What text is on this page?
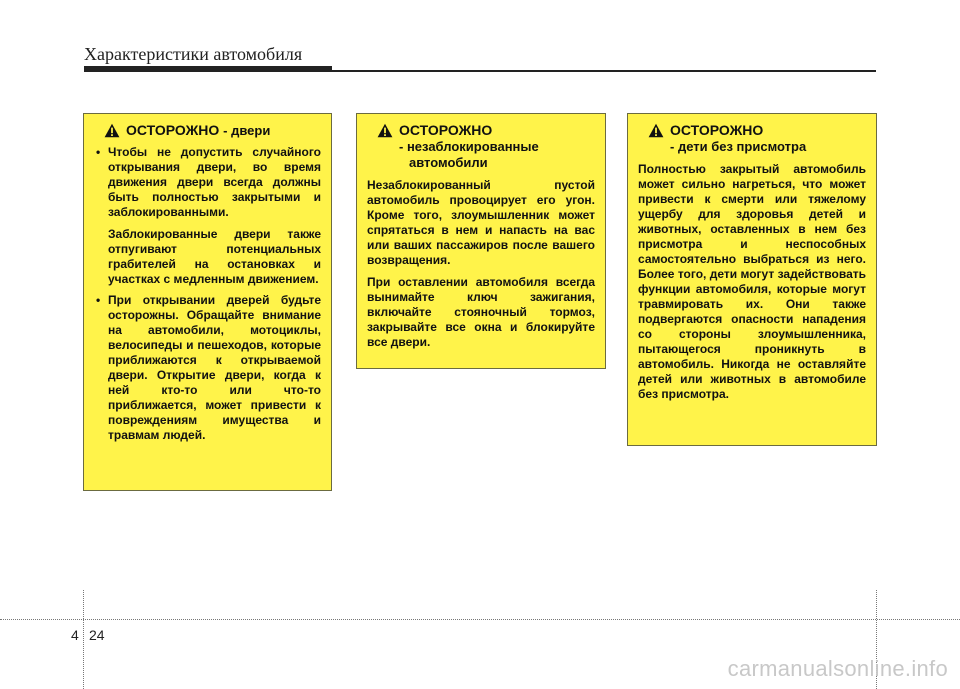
Характеристики автомобиля
ОСТОРОЖНО - двери

• Чтобы не допустить случайного открывания двери, во время движения двери всегда должны быть полностью закрытыми и заблокированными.

Заблокированные двери также отпугивают потенциальных грабителей на остановках и участках с медленным движением.

• При открывании дверей будьте осторожны. Обращайте внимание на автомобили, мотоциклы, велосипеды и пешеходов, которые приближаются к открываемой двери. Открытие двери, когда к ней кто-то или что-то приближается, может привести к повреждениям имущества и травмам людей.

ОСТОРОЖНО
- незаблокированные
автомобили
Незаблокированный пустой автомобиль провоцирует его угон. Кроме того, злоумышленник может спрятаться в нем и напасть на вас или ваших пассажиров после вашего возвращения.
При оставлении автомобиля всегда вынимайте ключ зажигания, включайте стояночный тормоз, закрывайте все окна и блокируйте все двери.
ОСТОРОЖНО
- дети без присмотра
Полностью закрытый автомобиль может сильно нагреться, что может привести к смерти или тяжелому ущербу для здоровья детей и животных, оставленных в нем без присмотра и неспособных самостоятельно выбраться из него. Более того, дети могут задействовать функции автомобиля, которые могут травмировать их. Они также подвергаются опасности нападения со стороны злоумышленника, пытающегося проникнуть в автомобиль. Никогда не оставляйте детей или животных в автомобиле без присмотра.
4 24
carmanualsonline.info
